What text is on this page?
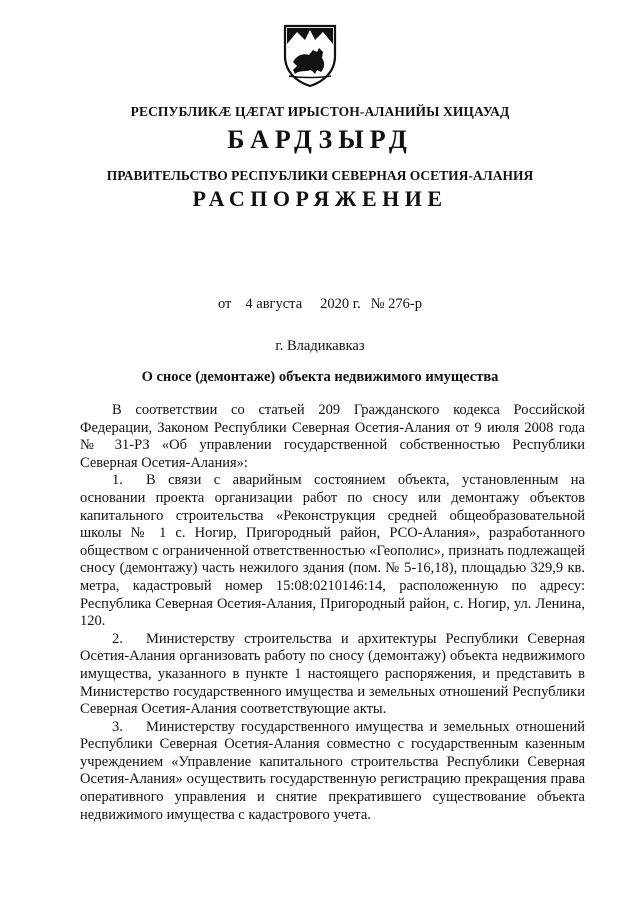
РЕСПУБЛИКÆ ЦÆГАТ ИРЫСТОН-АЛАНИЙЫ ХИЦАУАД
БАРДЗЫРД
ПРАВИТЕЛЬСТВО РЕСПУБЛИКИ СЕВЕРНАЯ ОСЕТИЯ-АЛАНИЯ
РАСПОРЯЖЕНИЕ
от 4 августа 2020 г. № 276-р
г. Владикавказ
О сносе (демонтаже) объекта недвижимого имущества

В соответствии со статьей 209 Гражданского кодекса Российской Федерации, Законом Республики Северная Осетия-Алания от 9 июля 2008 года № 31-РЗ «Об управлении государственной собственностью Республики Северная Осетия-Алания»:

1. В связи с аварийным состоянием объекта, установленным на основании проекта организации работ по сносу или демонтажу объектов капитального строительства «Реконструкция средней общеобразовательной школы № 1 с. Ногир, Пригородный район, РСО-Алания», разработанного обществом с ограниченной ответственностью «Геополис», признать подлежащей сносу (демонтажу) часть нежилого здания (пом. № 5-16,18), площадью 329,9 кв. метра, кадастровый номер 15:08:0210146:14, расположенную по адресу: Республика Северная Осетия-Алания, Пригородный район, с. Ногир, ул. Ленина, 120.

2. Министерству строительства и архитектуры Республики Северная Осетия-Алания организовать работу по сносу (демонтажу) объекта недвижимого имущества, указанного в пункте 1 настоящего распоряжения, и представить в Министерство государственного имущества и земельных отношений Республики Северная Осетия-Алания соответствующие акты.

3. Министерству государственного имущества и земельных отношений Республики Северная Осетия-Алания совместно с государственным казенным учреждением «Управление капитального строительства Республики Северная Осетия-Алания» осуществить государственную регистрацию прекращения права оперативного управления и снятие прекратившего существование объекта недвижимого имущества с кадастрового учета.
